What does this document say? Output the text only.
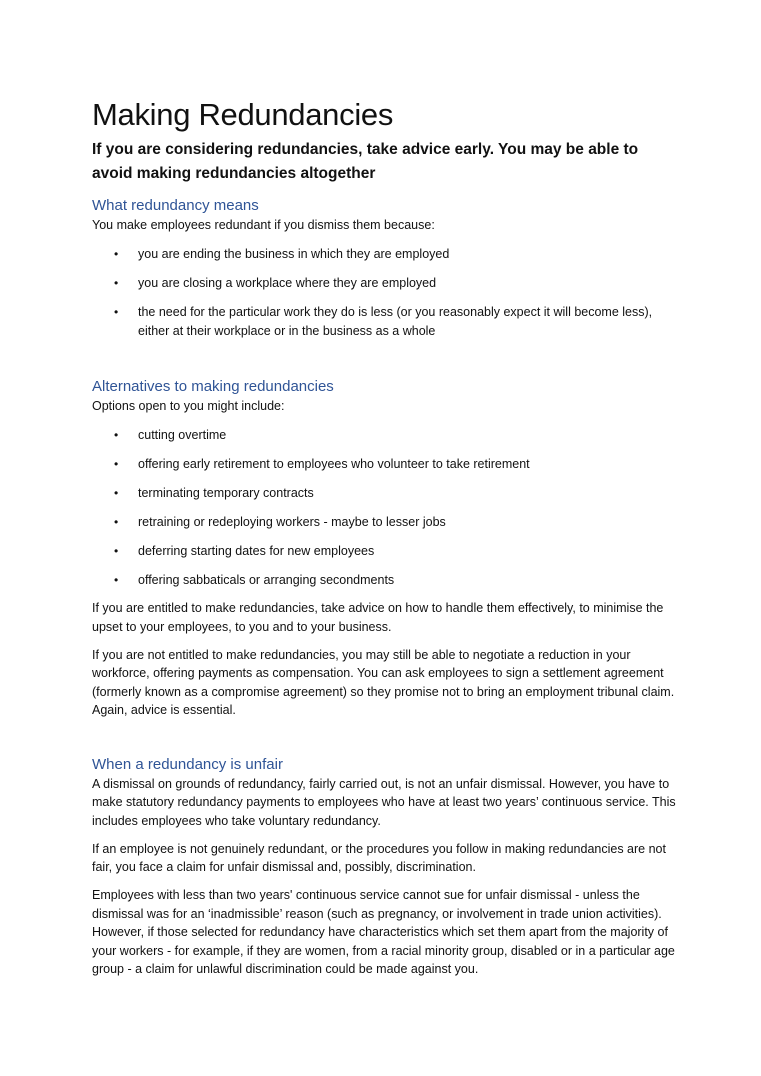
Making Redundancies

If you are considering redundancies, take advice early. You may be able to avoid making redundancies altogether

What redundancy means

You make employees redundant if you dismiss them because:

• you are ending the business in which they are employed
• you are closing a workplace where they are employed
• the need for the particular work they do is less (or you reasonably expect it will become less), either at their workplace or in the business as a whole
Alternatives to making redundancies

Options open to you might include:

• cutting overtime
• offering early retirement to employees who volunteer to take retirement
• terminating temporary contracts
• retraining or redeploying workers - maybe to lesser jobs
• deferring starting dates for new employees
• offering sabbaticals or arranging secondments

If you are entitled to make redundancies, take advice on how to handle them effectively, to minimise the upset to your employees, to you and to your business.

If you are not entitled to make redundancies, you may still be able to negotiate a reduction in your workforce, offering payments as compensation. You can ask employees to sign a settlement agreement (formerly known as a compromise agreement) so they promise not to bring an employment tribunal claim. Again, advice is essential.

When a redundancy is unfair

A dismissal on grounds of redundancy, fairly carried out, is not an unfair dismissal. However, you have to make statutory redundancy payments to employees who have at least two years’ continuous service. This includes employees who take voluntary redundancy.

If an employee is not genuinely redundant, or the procedures you follow in making redundancies are not fair, you face a claim for unfair dismissal and, possibly, discrimination.

Employees with less than two years' continuous service cannot sue for unfair dismissal - unless the dismissal was for an ‘inadmissible’ reason (such as pregnancy, or involvement in trade union activities). However, if those selected for redundancy have characteristics which set them apart from the majority of your workers - for example, if they are women, from a racial minority group, disabled or in a particular age group - a claim for unlawful discrimination could be made against you.
